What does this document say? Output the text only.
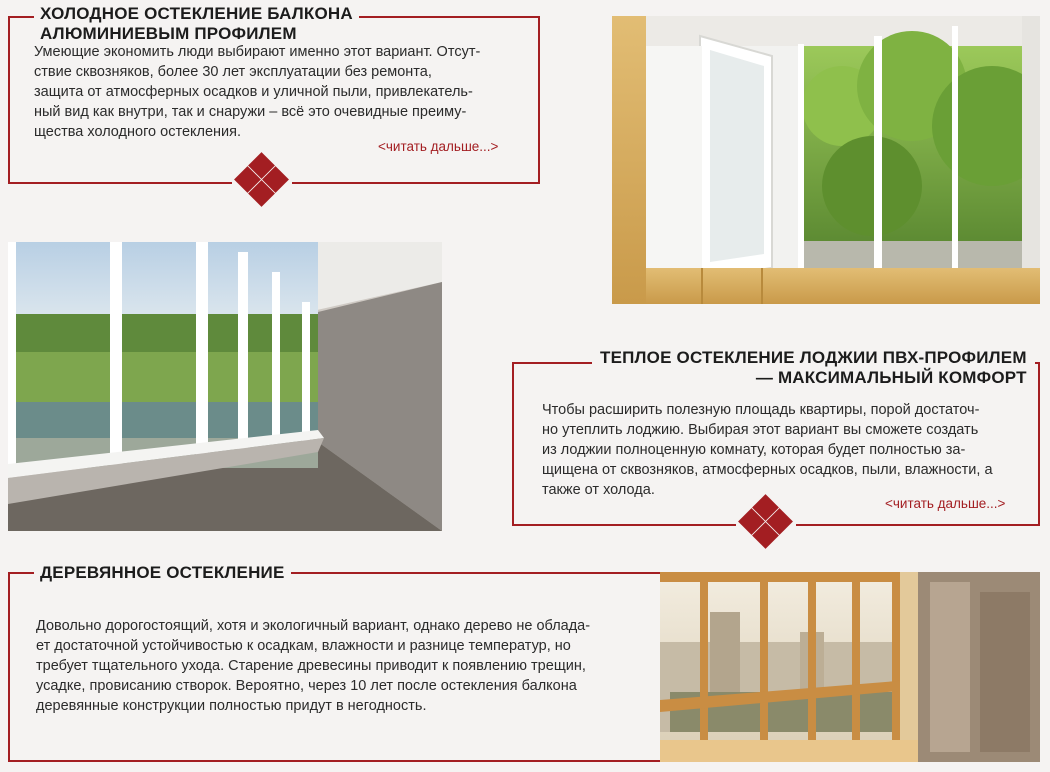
ХОЛОДНОЕ ОСТЕКЛЕНИЕ БАЛКОНА
АЛЮМИНИЕВЫМ ПРОФИЛЕМ
Умеющие экономить люди выбирают именно этот вариант. Отсут-
ствие сквозняков, более 30 лет эксплуатации без ремонта,
защита от атмосферных осадков и уличной пыли, привлекатель-
ный вид как внутри, так и снаружи – всё это очевидные преиму-
щества холодного остекления.
<читать дальше...>
ТЕПЛОЕ ОСТЕКЛЕНИЕ ЛОДЖИИ ПВХ-ПРОФИЛЕМ
— МАКСИМАЛЬНЫЙ КОМФОРТ
Чтобы расширить полезную площадь квартиры, порой достаточ-
но утеплить лоджию. Выбирая этот вариант вы сможете создать
из лоджии полноценную комнату, которая будет полностью за-
щищена от сквозняков, атмосферных осадков, пыли, влажности, а
также от холода.
<читать дальше...>
ДЕРЕВЯННОЕ ОСТЕКЛЕНИЕ
Довольно дорогостоящий, хотя и экологичный вариант, однако дерево не облада-
ет достаточной устойчивостью к осадкам, влажности и разнице температур, но
требует тщательного ухода. Старение древесины приводит к появлению трещин,
усадке, провисанию створок. Вероятно, через 10 лет после остекления балкона
деревянные конструкции полностью придут в негодность.
